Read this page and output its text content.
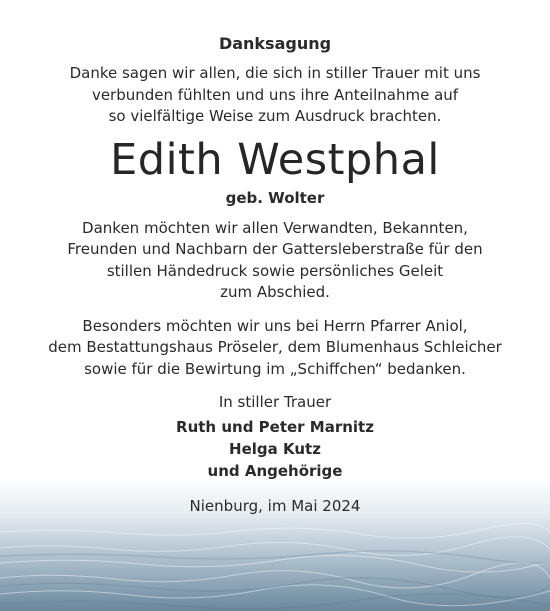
Danksagung

Danke sagen wir allen, die sich in stiller Trauer mit uns
verbunden fühlten und uns ihre Anteilnahme auf
so vielfältige Weise zum Ausdruck brachten.

Edith Westphal

geb. Wolter

Danken möchten wir allen Verwandten, Bekannten,
Freunden und Nachbarn der Gattersleberstraße für den
stillen Händedruck sowie persönliches Geleit
zum Abschied.

Besonders möchten wir uns bei Herrn Pfarrer Aniol,
dem Bestattungshaus Pröseler, dem Blumenhaus Schleicher
sowie für die Bewirtung im „Schiffchen“ bedanken.

In stiller Trauer

Ruth und Peter Marnitz

Helga Kutz

und Angehörige

Nienburg, im Mai 2024
